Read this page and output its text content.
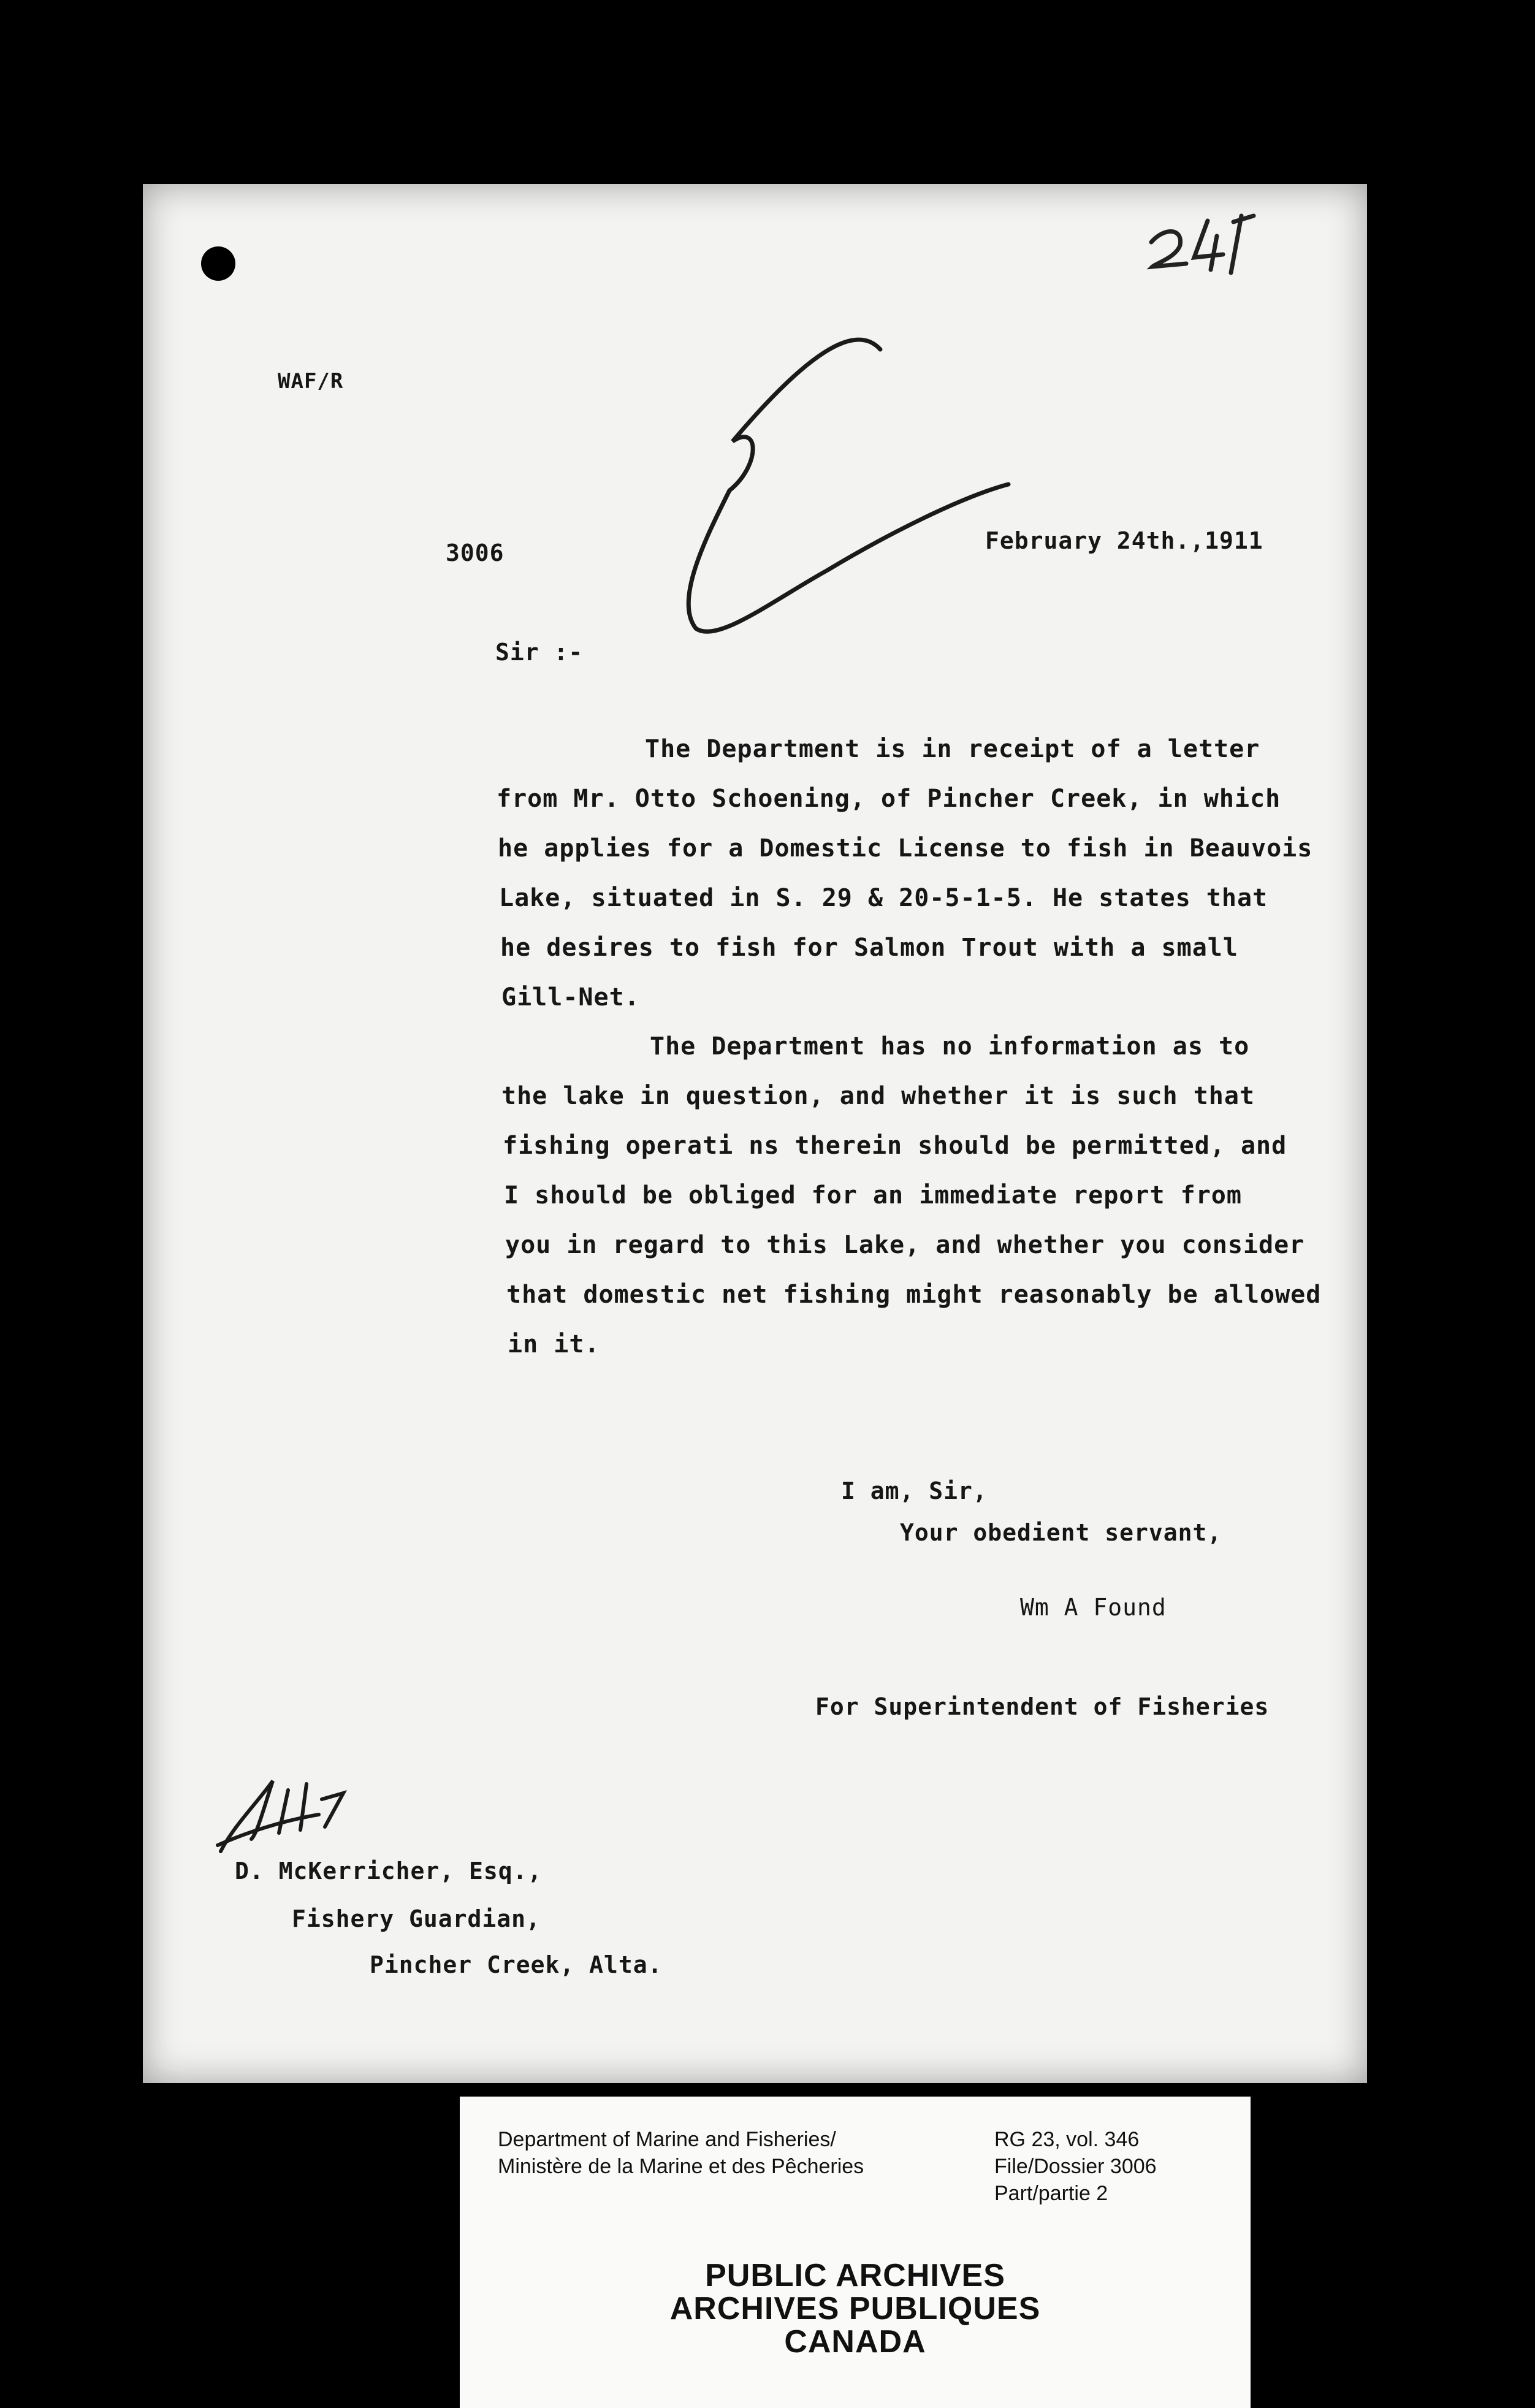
WAF/R

3006	February 24th.,1911

Sir :-

The Department is in receipt of a letter

from Mr. Otto Schoening, of Pincher Creek, in which

he applies for a Domestic License to fish in Beauvois

Lake, situated in S. 29 & 20-5-1-5. He states that

he desires to fish for Salmon Trout with a small

Gill-Net.

The Department has no information as to

the lake in question, and whether it is such that

fishing operati ns therein should be permitted, and

I should be obliged for an immediate report from

you in regard to this Lake, and whether you consider

that domestic net fishing might reasonably be allowed

in it.

I am, Sir,

Your obedient servant,

Wm A Found

For Superintendent of Fisheries

D. McKerricher, Esq.,

Fishery Guardian,

Pincher Creek, Alta.

Department of Marine and Fisheries/
Ministère de la Marine et des Pêcheries
RG 23, vol. 346
File/Dossier 3006
Part/partie 2
PUBLIC ARCHIVES
ARCHIVES PUBLIQUES
CANADA
